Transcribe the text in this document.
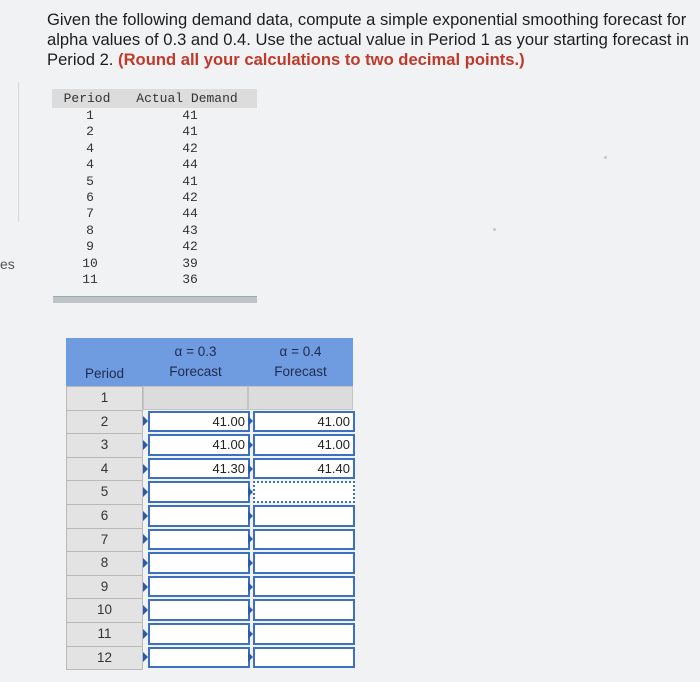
es
Given the following demand data, compute a simple exponential smoothing forecast for alpha values of 0.3 and 0.4. Use the actual value in Period 1 as your starting forecast in Period 2. (Round all your calculations to two decimal points.)
Period	Actual Demand
1	41
2	41
4	42
4	44
5	41
6	42
7	44
8	43
9	42
10	39
11	36
Period
α = 0.3
Forecast
α = 0.4
Forecast
1
2	41.00	41.00
3	41.00	41.00
4	41.30	41.40
5
6
7
8
9
10
11
12
